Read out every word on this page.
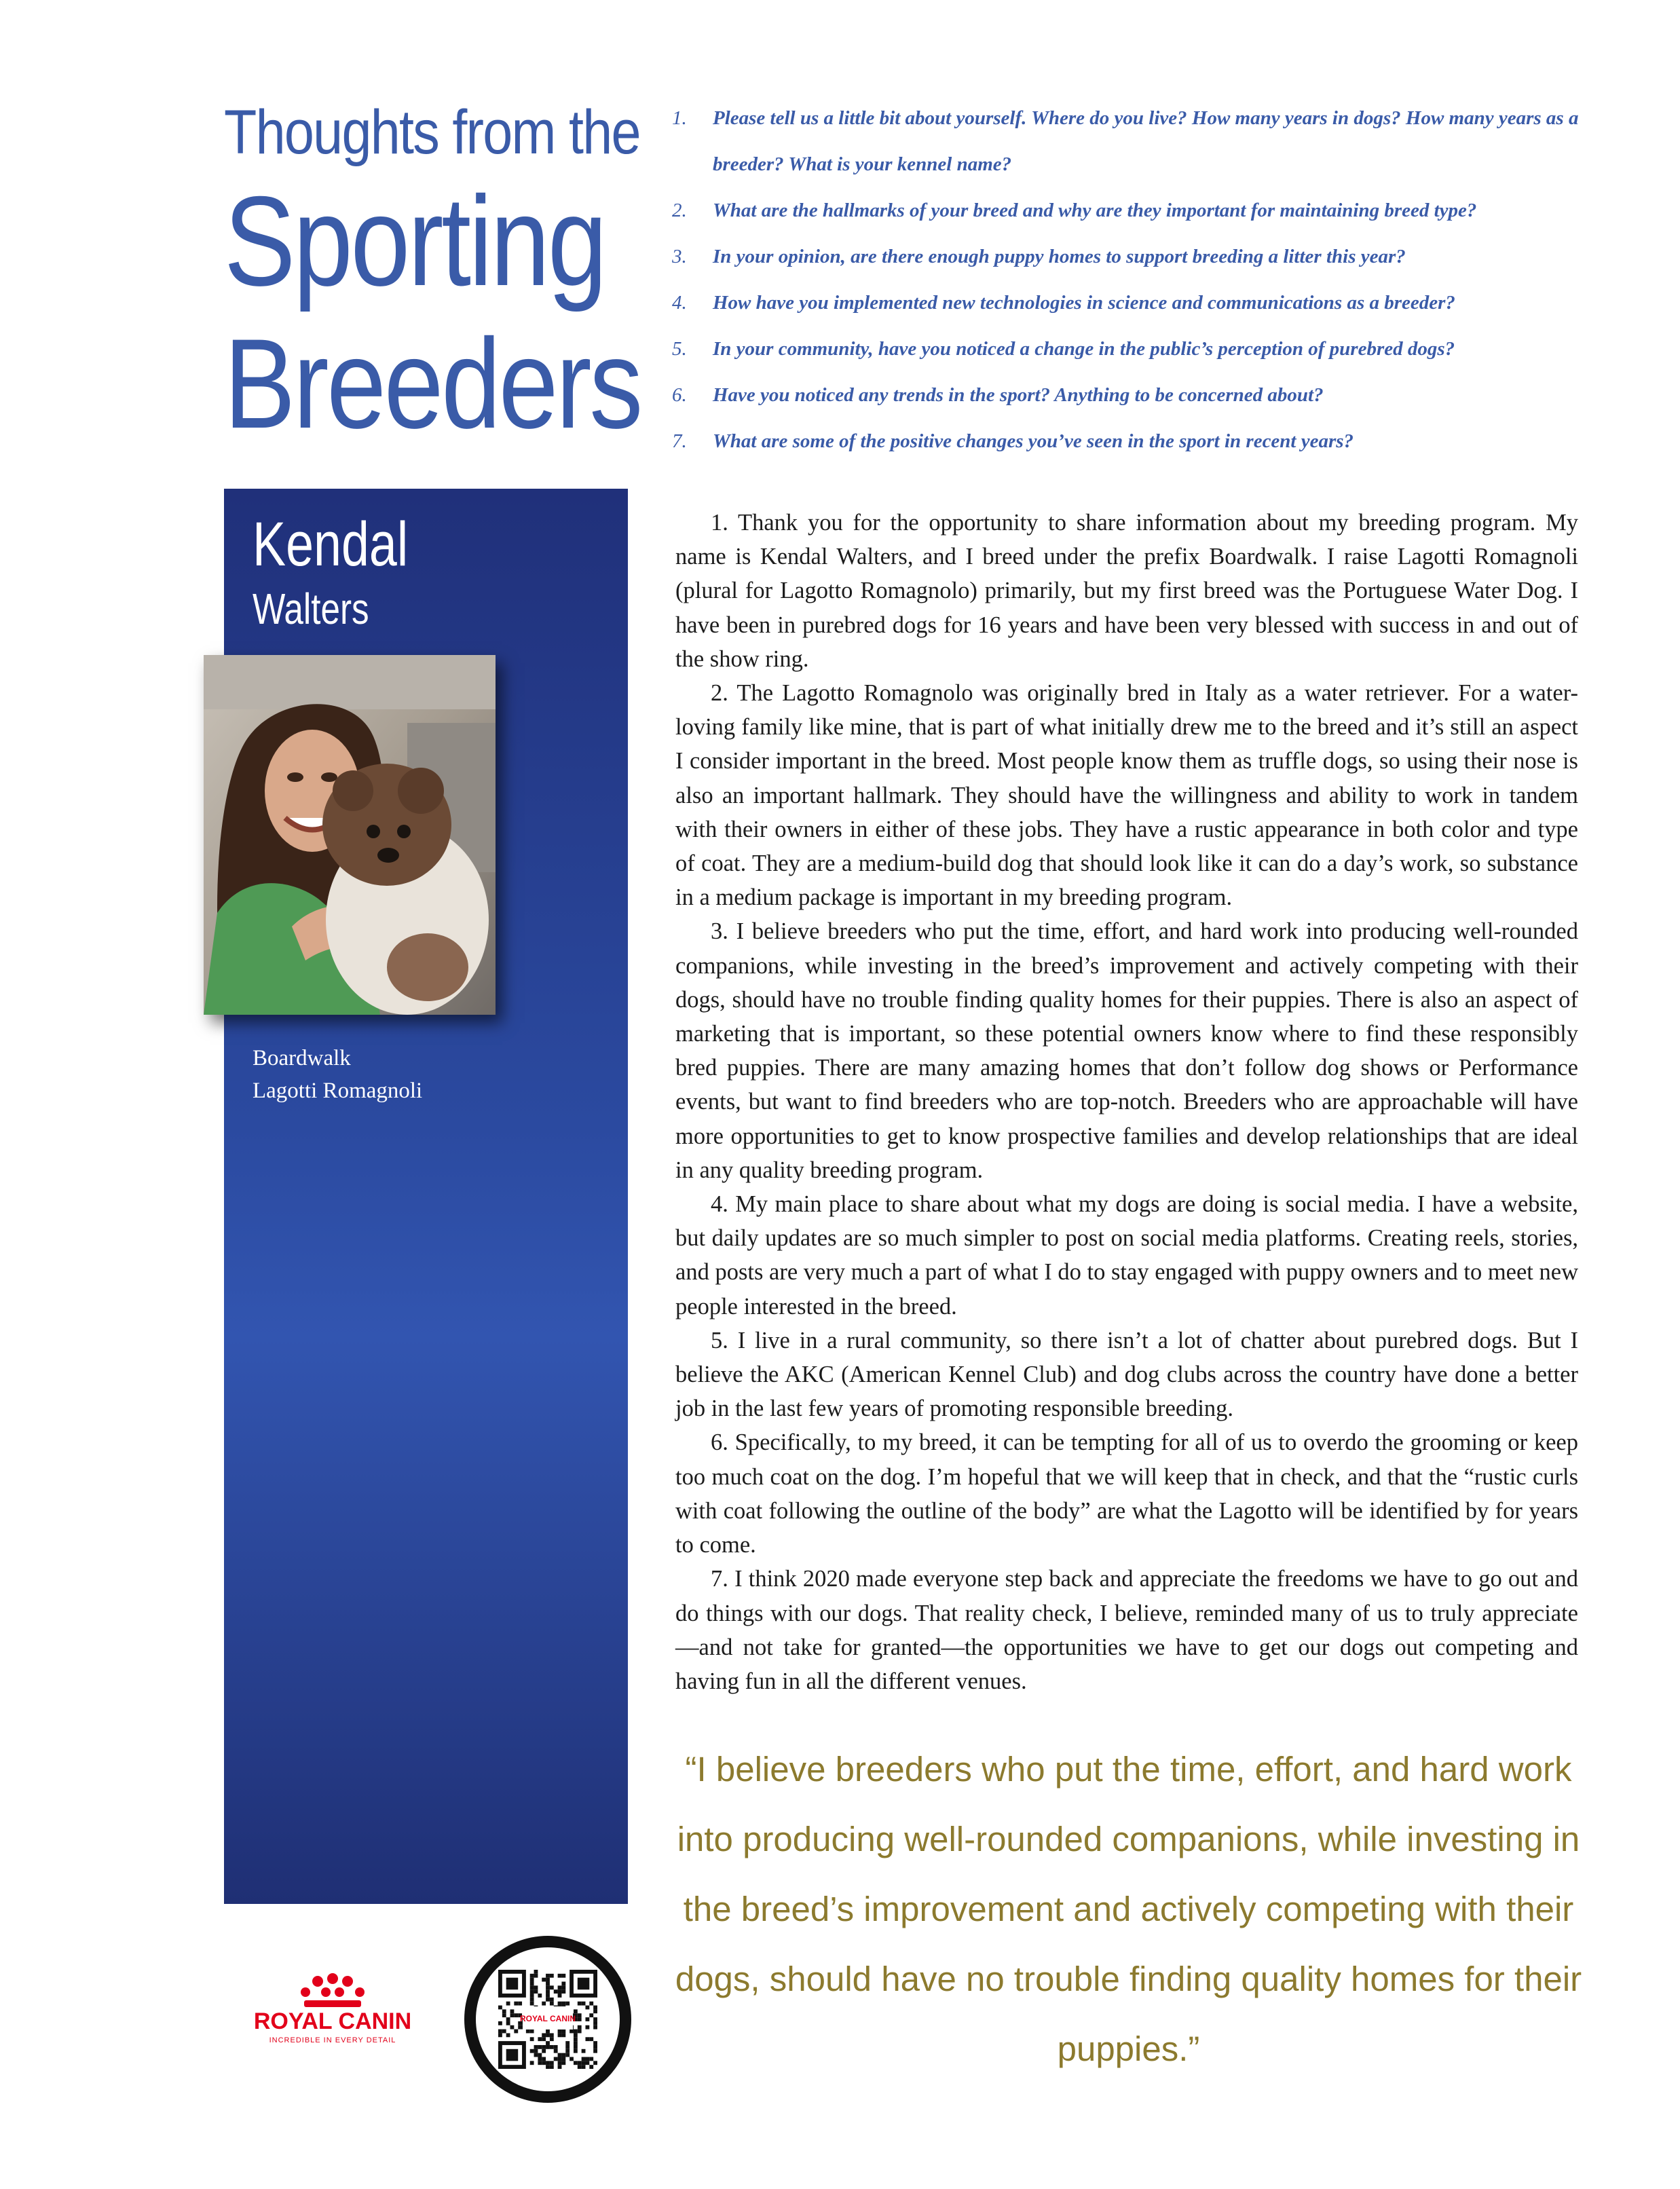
Thoughts from the
Sporting
Breeders
1. Please tell us a little bit about yourself. Where do you live? How many years in dogs? How many years as a breeder? What is your kennel name?
2. What are the hallmarks of your breed and why are they important for maintaining breed type?
3. In your opinion, are there enough puppy homes to support breeding a litter this year?
4. How have you implemented new technologies in science and communications as a breeder?
5. In your community, have you noticed a change in the public’s perception of purebred dogs?
6. Have you noticed any trends in the sport? Anything to be concerned about?
7. What are some of the positive changes you’ve seen in the sport in recent years?
Kendal
Walters
Boardwalk
Lagotti Romagnoli

1. Thank you for the opportunity to share information about my breeding program. My name is Kendal Walters, and I breed under the prefix Boardwalk. I raise Lagotti Romagnoli (plural for Lagotto Romagnolo) primarily, but my first breed was the Portuguese Water Dog. I have been in purebred dogs for 16 years and have been very blessed with success in and out of the show ring.

2. The Lagotto Romagnolo was originally bred in Italy as a water retriever. For a water-loving family like mine, that is part of what initially drew me to the breed and it’s still an aspect I consider important in the breed. Most people know them as truffle dogs, so using their nose is also an important hallmark. They should have the willingness and ability to work in tandem with their owners in either of these jobs. They have a rustic appearance in both color and type of coat. They are a medium-build dog that should look like it can do a day’s work, so substance in a medium package is important in my breeding program.

3. I believe breeders who put the time, effort, and hard work into producing well-rounded companions, while investing in the breed’s improvement and actively competing with their dogs, should have no trouble finding quality homes for their puppies. There is also an aspect of marketing that is important, so these potential owners know where to find these responsibly bred puppies. There are many amazing homes that don’t follow dog shows or Performance events, but want to find breeders who are top-notch. Breeders who are approachable will have more opportunities to get to know prospective families and develop relationships that are ideal in any quality breeding program.

4. My main place to share about what my dogs are doing is social media. I have a website, but daily updates are so much simpler to post on social media platforms. Creating reels, stories, and posts are very much a part of what I do to stay engaged with puppy owners and to meet new people interested in the breed.

5. I live in a rural community, so there isn’t a lot of chatter about purebred dogs. But I believe the AKC (American Kennel Club) and dog clubs across the country have done a better job in the last few years of promoting responsible breeding.

6. Specifically, to my breed, it can be tempting for all of us to overdo the grooming or keep too much coat on the dog. I’m hopeful that we will keep that in check, and that the “rustic curls with coat following the outline of the body” are what the Lagotto will be identified by for years to come.

7. I think 2020 made everyone step back and appreciate the freedoms we have to go out and do things with our dogs. That reality check, I believe, reminded many of us to truly appreciate—and not take for granted—the opportunities we have to get our dogs out competing and having fun in all the different venues.

“I believe breeders who put the time, effort, and hard work into producing well-rounded companions, while investing in the breed’s improvement and actively competing with their dogs, should have no trouble finding quality homes for their puppies.”
ROYAL CANIN
INCREDIBLE IN EVERY DETAIL
ROYAL CANIN
